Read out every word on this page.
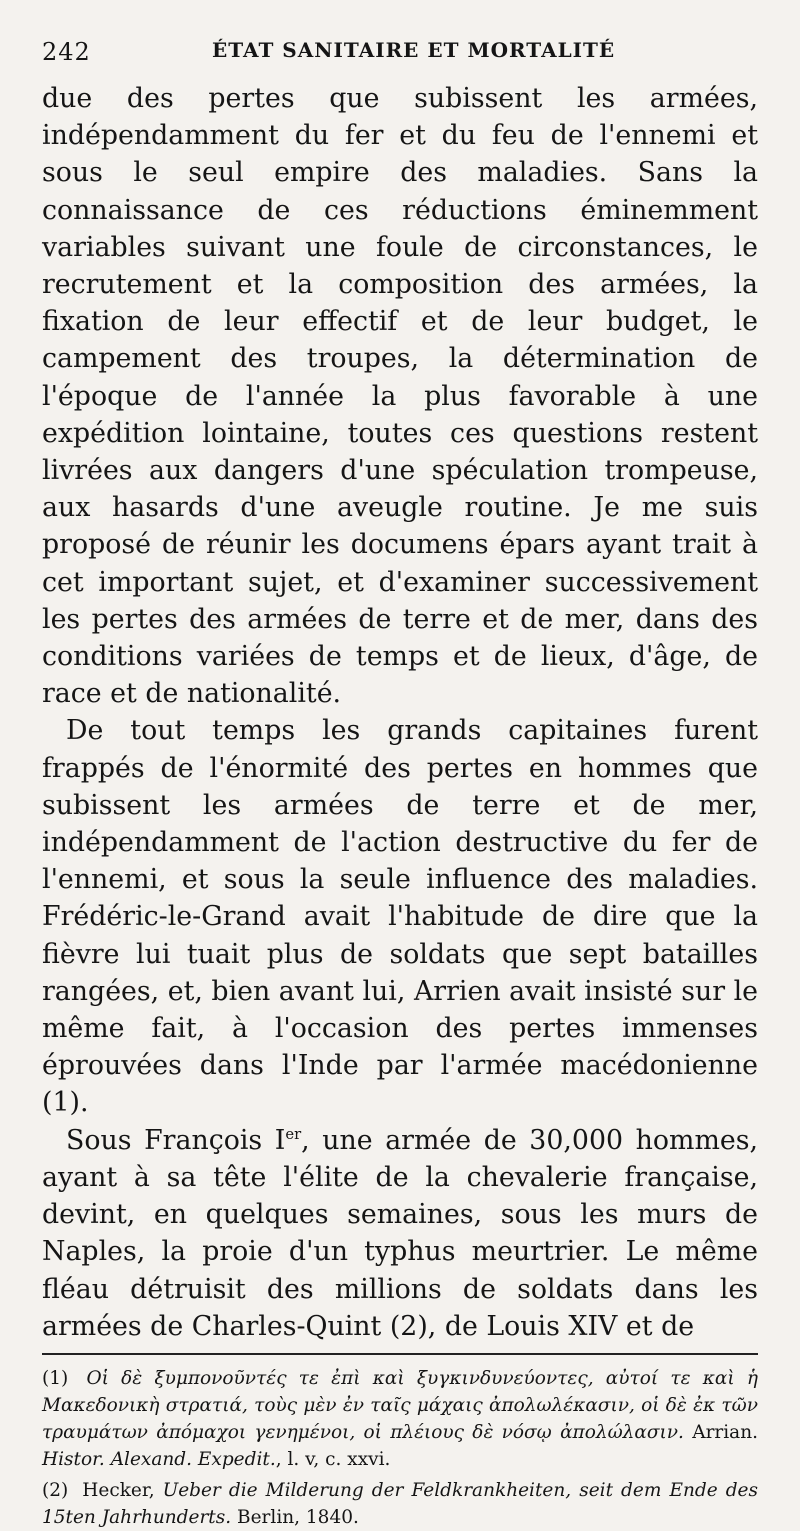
242	ÉTAT SANITAIRE ET MORTALITÉ

due des pertes que subissent les armées, indépendamment du fer et du feu de l'ennemi et sous le seul empire des maladies. Sans la connaissance de ces réductions éminemment variables suivant une foule de circonstances, le recrutement et la composition des armées, la fixation de leur effectif et de leur budget, le campement des troupes, la détermination de l'époque de l'année la plus favorable à une expédition lointaine, toutes ces questions restent livrées aux dangers d'une spéculation trompeuse, aux hasards d'une aveugle routine. Je me suis proposé de réunir les documens épars ayant trait à cet important sujet, et d'examiner successivement les pertes des armées de terre et de mer, dans des conditions variées de temps et de lieux, d'âge, de race et de nationalité.

De tout temps les grands capitaines furent frappés de l'énormité des pertes en hommes que subissent les armées de terre et de mer, indépendamment de l'action destructive du fer de l'ennemi, et sous la seule influence des maladies. Frédéric-le-Grand avait l'habitude de dire que la fièvre lui tuait plus de soldats que sept batailles rangées, et, bien avant lui, Arrien avait insisté sur le même fait, à l'occasion des pertes immenses éprouvées dans l'Inde par l'armée macédonienne (1).

Sous François Ier, une armée de 30,000 hommes, ayant à sa tête l'élite de la chevalerie française, devint, en quelques semaines, sous les murs de Naples, la proie d'un typhus meurtrier. Le même fléau détruisit des millions de soldats dans les armées de Charles-Quint (2), de Louis XIV et de

(1) Οἱ δὲ ξυμπονοῦντές τε ἐπὶ καὶ ξυγκινδυνεύοντες, αὐτοί τε καὶ ἡ Μακεδονικὴ στρατιά, τοὺς μὲν ἐν ταῖς μάχαις ἀπολωλέκασιν, οἱ δὲ ἐκ τῶν τραυμάτων ἀπόμαχοι γενημένοι, οἱ πλέιους δὲ νόσῳ ἀπολώλασιν. Arrian. Histor. Alexand. Expedit., l. v, c. xxvi.

(2) Hecker, Ueber die Milderung der Feldkrankheiten, seit dem Ende des 15ten Jahrhunderts. Berlin, 1840.
